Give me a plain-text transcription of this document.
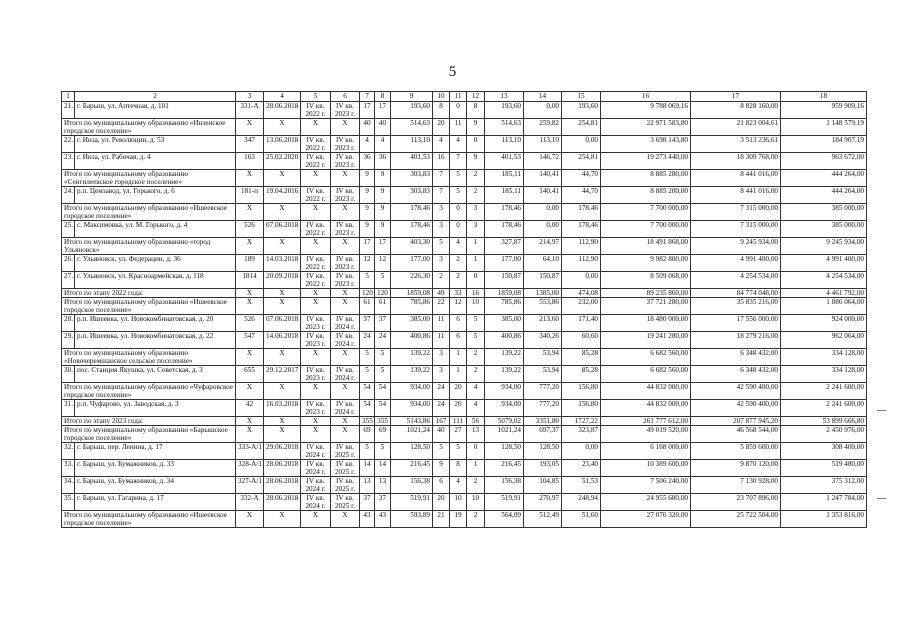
5
1	2	3	4	5	6	7	8	9	10	11	12	13	14	15	16	17	18
21.	г. Барыш, ул. Аптечная, д. 101	331-А	28.06.2018	IV кв. 2022 г.	IV кв. 2023 г.	17	17	193,60	8	0	8	193,60	0,00	193,60	9 788 069,16	8 828 160,00	959 909,16
Итого по муниципальному образованию «Инзенское городское поселение»		X	X	X	X	40	40	514,63	20	11	9	514,63	259,82	254,81	22 971 583,80	21 823 004,61	1 148 579,19
22.	г. Инза, ул. Революции, д. 53	347	13.06.2018	IV кв. 2022 г.	IV кв. 2023 г.	4	4	113,10	4	4	0	113,10	113,10	0,00	3 698 143,80	3 513 236,61	184 907,19
23.	г. Инза, ул. Рабочая, д. 4	163	25.02.2020	IV кв. 2022 г.	IV кв. 2023 г.	36	36	401,53	16	7	9	401,53	146,72	254,81	19 273 440,00	18 309 768,00	963 672,00
Итого по муниципальному образованию «Сенгилеевское городское поселение»		X	X	X	X	9	9	303,83	7	5	2	185,11	140,41	44,70	8 885 280,00	8 441 016,00	444 264,00
24.	р.п. Цемзавод, ул. Горького, д. 6	181-п	19.04.2016	IV кв. 2022 г.	IV кв. 2023 г.	9	9	303,83	7	5	2	185,11	140,41	44,70	8 885 280,00	8 441 016,00	444 264,00
Итого по муниципальному образованию «Ишеевское городское поселение»		X	X	X	X	9	9	178,46	3	0	3	178,46	0,00	178,46	7 700 000,00	7 315 000,00	385 000,00
25.	с. Максимовка, ул. М. Горького, д. 4	526	07.06.2018	IV кв. 2022 г.	IV кв. 2023 г.	9	9	178,46	3	0	3	178,46	0,00	178,46	7 700 000,00	7 315 000,00	385 000,00
Итого по муниципальному образованию «город Ульяновск»		X	X	X	X	17	17	403,30	5	4	1	327,87	214,97	112,90	18 491 868,00	9 245 934,00	9 245 934,00
26.	г. Ульяновск, ул. Федерации, д. 36	189	14.03.2018	IV кв. 2022 г.	IV кв. 2023 г.	12	12	177,00	3	2	1	177,00	64,10	112,90	9 982 800,00	4 991 400,00	4 991 400,00
27.	г. Ульяновск, ул. Красноармейская, д. 118	1814	20.09.2018	IV кв. 2022 г.	IV кв. 2023 г.	5	5	226,30	2	2	0	150,87	150,87	0,00	8 509 068,00	4 254 534,00	4 254 534,00
Итого по этапу 2022 года:		X	X	X	X	120	120	1859,08	49	33	16	1859,08	1385,00	474,08	89 235 860,00	84 774 048,00	4 461 792,00
Итого по муниципальному образованию «Ишеевское городское поселение»		X	X	X	X	61	61	785,86	22	12	10	785,86	553,86	232,00	37 721 280,00	35 835 216,00	1 886 064,00
28.	р.п. Ишеевка, ул. Новокомбинатовская, д. 20	526	07.06.2018	IV кв. 2023 г.	IV кв. 2024 г.	37	37	385,00	11	6	5	385,00	213,60	171,40	18 480 000,00	17 556 000,00	924 000,00
29.	р.п. Ишеевка, ул. Новокомбинатовская, д. 22	547	14.06.2018	IV кв. 2023 г.	IV кв. 2024 г.	24	24	400,86	11	6	5	400,86	340,26	60,60	19 241 280,00	18 279 216,00	962 064,00
Итого по муниципальному образованию «Новочеремшанское сельское поселение»		X	X	X	X	5	5	139,22	3	1	2	139,22	53,94	85,28	6 682 560,00	6 348 432,00	334 128,00
30.	пос. Станция Якушка, ул. Советская, д. 3	655	29.12.2017	IV кв. 2023 г.	IV кв. 2024 г.	5	5	139,22	3	1	2	139,22	53,94	85,28	6 682 560,00	6 348 432,00	334 128,00
Итого по муниципальному образованию «Чуфаровское городское поселение»		X	X	X	X	54	54	934,00	24	20	4	934,00	777,20	156,80	44 832 000,00	42 590 400,00	2 241 600,00
31.	р.п. Чуфарово, ул. Заводская, д. 3	42	16.03.2018	IV кв. 2023 г.	IV кв. 2024 г.	54	54	934,00	24	20	4	934,00	777,20	156,80	44 832 000,00	42 590 400,00	2 241 600,00
Итого по этапу 2023 года:		X	X	X	X	355	355	5143,86	167	111	56	5079,02	3351,80	1727,22	261 777 612,00	207 877 945,20	53 899 666,80
Итого по муниципальному образованию «Барышское городское поселение»		X	X	X	X	69	69	1021,24	40	27	13	1021,24	697,37	323,87	49 019 520,00	46 568 544,00	2 450 976,00
32.	г. Барыш, пер. Ленина, д. 17	333-А/1	29.06.2018	IV кв. 2024 г.	IV кв. 2025 г.	5	5	128,50	5	5	0	128,50	128,50	0,00	6 168 000,00	5 859 600,00	308 400,00
33.	г. Барыш, ул. Бумажников, д. 33	328-А/1	28.06.2018	IV кв. 2024 г.	IV кв. 2025 г.	14	14	216,45	9	8	1	216,45	193,05	23,40	10 389 600,00	9 870 120,00	519 480,00
34.	г. Барыш, ул. Бумажников, д. 34	327-А/1	28.06.2018	IV кв. 2024 г.	IV кв. 2025 г.	13	13	156,38	6	4	2	156,38	104,85	51,53	7 506 240,00	7 130 928,00	375 312,00
35.	г. Барыш, ул. Гагарина, д. 17	332-А	28.06.2018	IV кв. 2024 г.	IV кв. 2025 г.	37	37	519,91	20	10	10	519,91	270,97	248,94	24 955 680,00	23 707 896,00	1 247 784,00
Итого по муниципальному образованию «Ишеевское городское поселение»		X	X	X	X	43	43	593,89	21	19	2	564,09	512,49	51,60	27 076 320,00	25 722 504,00	1 353 816,00
